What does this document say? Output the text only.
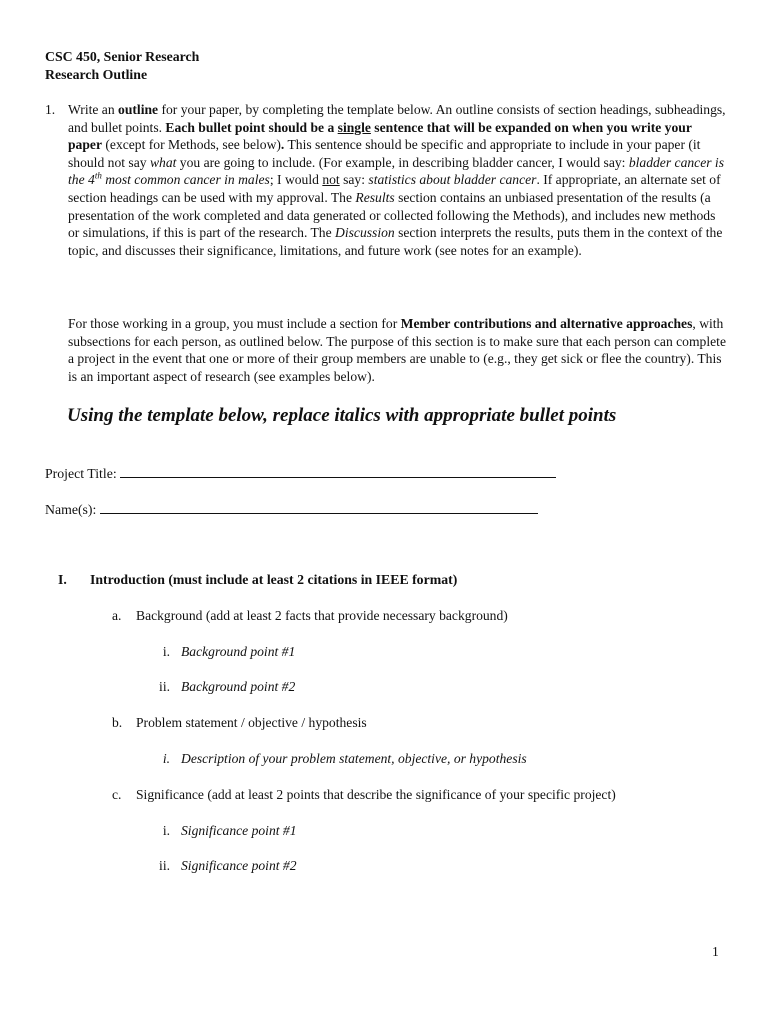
CSC 450, Senior Research
Research Outline
1. Write an outline for your paper, by completing the template below. An outline consists of section headings, subheadings, and bullet points. Each bullet point should be a single sentence that will be expanded on when you write your paper (except for Methods, see below). This sentence should be specific and appropriate to include in your paper (it should not say what you are going to include. (For example, in describing bladder cancer, I would say: bladder cancer is the 4th most common cancer in males; I would not say: statistics about bladder cancer. If appropriate, an alternate set of section headings can be used with my approval. The Results section contains an unbiased presentation of the results (a presentation of the work completed and data generated or collected following the Methods), and includes new methods or simulations, if this is part of the research. The Discussion section interprets the results, puts them in the context of the topic, and discusses their significance, limitations, and future work (see notes for an example).
For those working in a group, you must include a section for Member contributions and alternative approaches, with subsections for each person, as outlined below. The purpose of this section is to make sure that each person can complete a project in the event that one or more of their group members are unable to (e.g., they get sick or flee the country). This is an important aspect of research (see examples below).
Using the template below, replace italics with appropriate bullet points
Project Title:
Name(s):
I. Introduction (must include at least 2 citations in IEEE format)
a. Background (add at least 2 facts that provide necessary background)
i. Background point #1
ii. Background point #2
b. Problem statement / objective / hypothesis
i. Description of your problem statement, objective, or hypothesis
c. Significance (add at least 2 points that describe the significance of your specific project)
i. Significance point #1
ii. Significance point #2
1
